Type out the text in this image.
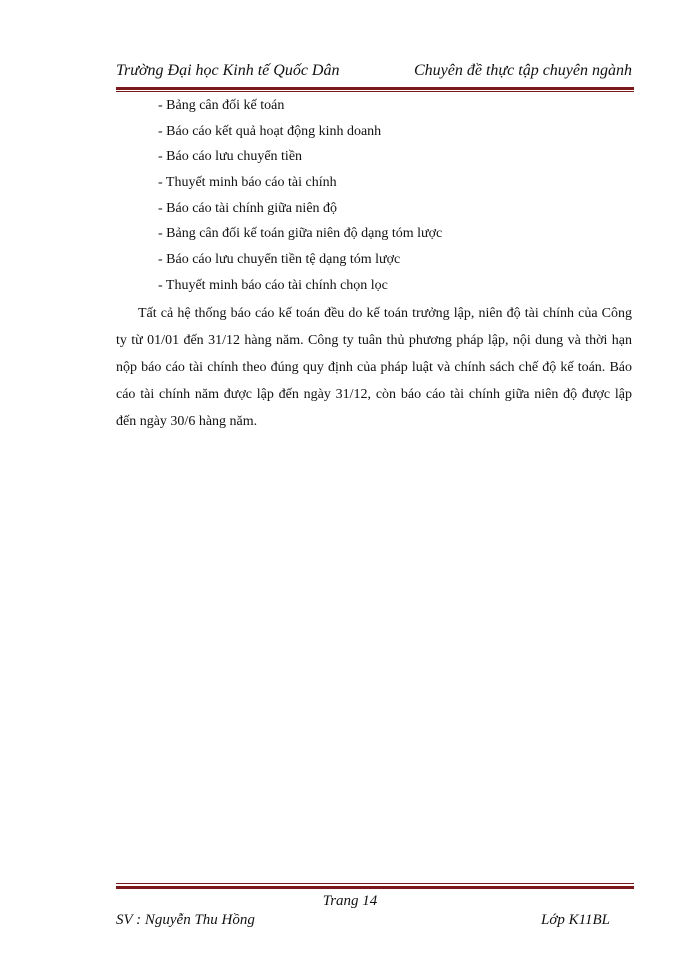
Trường Đại học Kinh tế Quốc Dân	Chuyên đề thực tập chuyên ngành
- Bảng cân đối kế toán
- Báo cáo kết quả hoạt động kinh doanh
- Báo cáo lưu chuyển tiền
- Thuyết minh báo cáo tài chính
- Báo cáo tài chính giữa niên độ
- Bảng cân đối kế toán giữa niên độ dạng tóm lược
- Báo cáo lưu chuyển tiền tệ dạng tóm lược
- Thuyết minh báo cáo tài chính chọn lọc

Tất cả hệ thống báo cáo kế toán đều do kế toán trưởng lập, niên độ tài chính của Công ty từ 01/01 đến 31/12 hàng năm. Công ty tuân thủ phương pháp lập, nội dung và thời hạn nộp báo cáo tài chính theo đúng quy định của pháp luật và chính sách chế độ kế toán. Báo cáo tài chính năm được lập đến ngày 31/12, còn báo cáo tài chính giữa niên độ được lập đến ngày 30/6 hàng năm.

Trang 14
SV : Nguyễn Thu Hồng	Lớp K11BL
